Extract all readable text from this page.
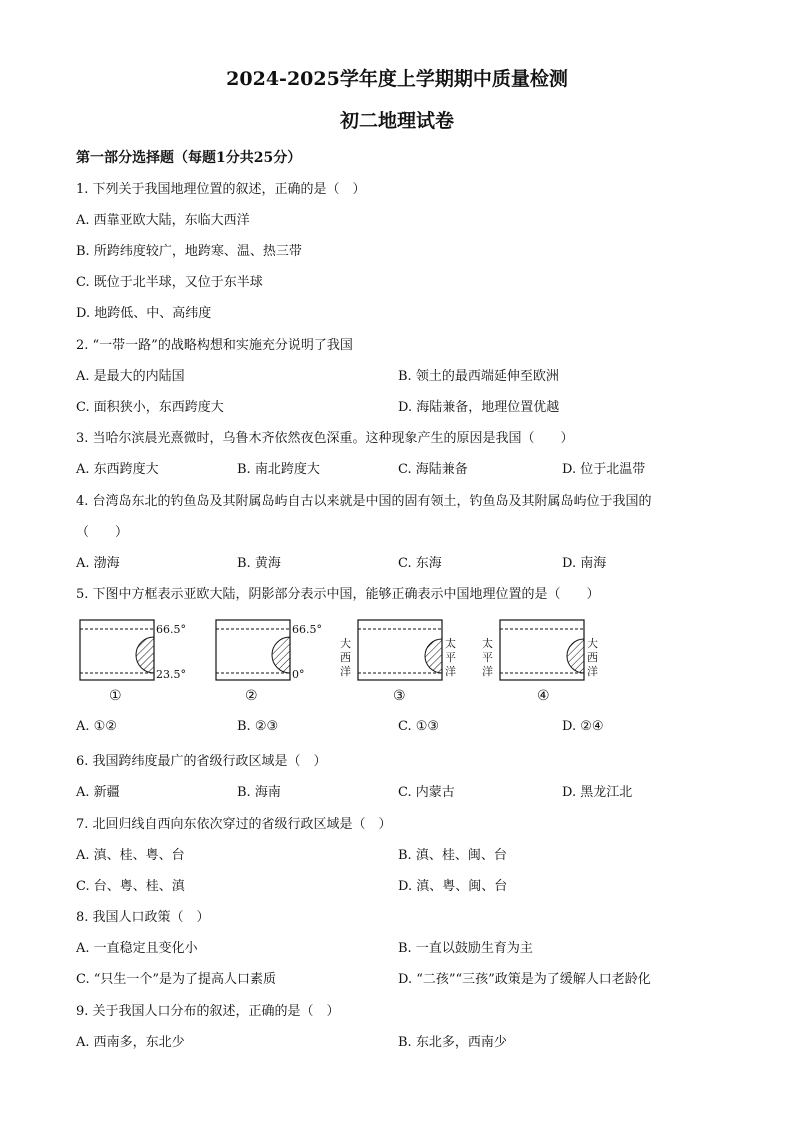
2024-2025学年度上学期期中质量检测
初二地理试卷
第一部分选择题（每题1分共25分）
1. 下列关于我国地理位置的叙述，正确的是（　）
A. 西靠亚欧大陆，东临大西洋
B. 所跨纬度较广，地跨寒、温、热三带
C. 既位于北半球，又位于东半球
D. 地跨低、中、高纬度
2. “一带一路”的战略构想和实施充分说明了我国
A. 是最大的内陆国	B. 领土的最西端延伸至欧洲
C. 面积狭小，东西跨度大	D. 海陆兼备，地理位置优越
3. 当哈尔滨晨光熹微时，乌鲁木齐依然夜色深重。这种现象产生的原因是我国（　　）
A. 东西跨度大	B. 南北跨度大	C. 海陆兼备	D. 位于北温带
4. 台湾岛东北的钓鱼岛及其附属岛屿自古以来就是中国的固有领土，钓鱼岛及其附属岛屿位于我国的
（　　）
A. 渤海	B. 黄海	C. 东海	D. 南海
5. 下图中方框表示亚欧大陆，阴影部分表示中国，能够正确表示中国地理位置的是（　　）
66.5°
23.5°
①
66.5°
0°
②
大
西
洋
太
平
洋
③
太
平
洋
大
西
洋
④
A. ①②	B. ②③	C. ①③	D. ②④
6. 我国跨纬度最广的省级行政区域是（　）
A. 新疆	B. 海南	C. 内蒙古	D. 黑龙江北
7. 北回归线自西向东依次穿过的省级行政区域是（　）
A. 滇、桂、粤、台	B. 滇、桂、闽、台
C. 台、粤、桂、滇	D. 滇、粤、闽、台
8. 我国人口政策（　）
A. 一直稳定且变化小	B. 一直以鼓励生育为主
C. “只生一个”是为了提高人口素质	D. “二孩”“三孩”政策是为了缓解人口老龄化
9. 关于我国人口分布的叙述，正确的是（　）
A. 西南多，东北少	B. 东北多，西南少
